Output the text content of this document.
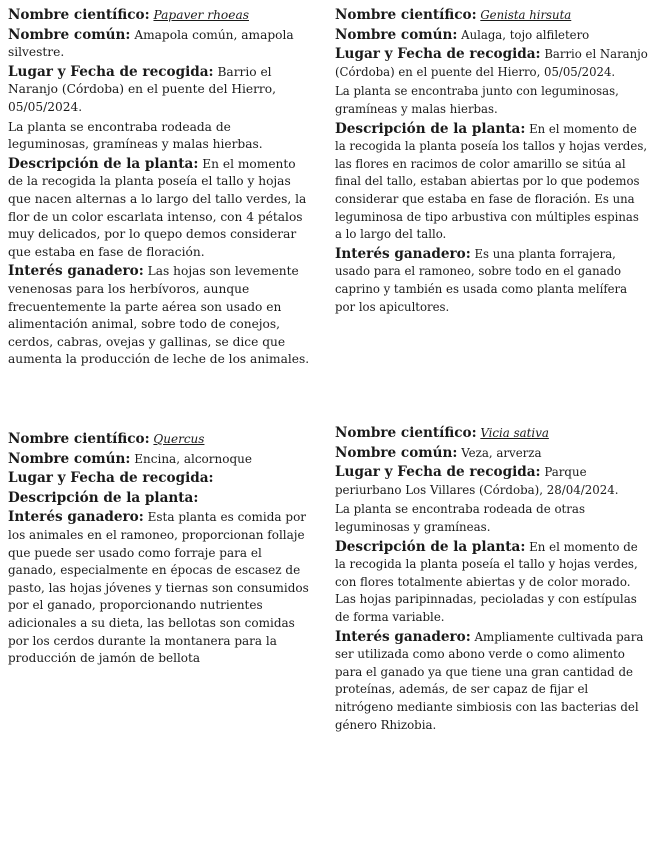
Nombre científico: Papaver rhoeas

Nombre común: Amapola común, amapola silvestre.

Lugar y Fecha de recogida: Barrio el Naranjo (Córdoba) en el puente del Hierro, 05/05/2024.

La planta se encontraba rodeada de leguminosas, gramíneas y malas hierbas.

Descripción de la planta: En el momento de la recogida la planta poseía el tallo y hojas que nacen alternas a lo largo del tallo verdes, la flor de un color escarlata intenso, con 4 pétalos muy delicados, por lo quepo demos considerar que estaba en fase de floración.

Interés ganadero: Las hojas son levemente venenosas para los herbívoros, aunque frecuentemente la parte aérea son usado en alimentación animal, sobre todo de conejos, cerdos, cabras, ovejas y gallinas, se dice que aumenta la producción de leche de los animales.

Nombre científico: Genista hirsuta

Nombre común: Aulaga, tojo alfiletero

Lugar y Fecha de recogida: Barrio el Naranjo (Córdoba) en el puente del Hierro, 05/05/2024.

La planta se encontraba junto con leguminosas, gramíneas y malas hierbas.

Descripción de la planta: En el momento de la recogida la planta poseía los tallos y hojas verdes, las flores en racimos de color amarillo se sitúa al final del tallo, estaban abiertas por lo que podemos considerar que estaba en fase de floración. Es una leguminosa de tipo arbustiva con múltiples espinas a lo largo del tallo.

Interés ganadero: Es una planta forrajera, usado para el ramoneo, sobre todo en el ganado caprino y también es usada como planta melífera por los apicultores.

Nombre científico: Quercus

Nombre común: Encina, alcornoque

Lugar y Fecha de recogida:

Descripción de la planta:

Interés ganadero: Esta planta es comida por los animales en el ramoneo, proporcionan follaje que puede ser usado como forraje para el ganado, especialmente en épocas de escasez de pasto, las hojas jóvenes y tiernas son consumidos por el ganado, proporcionando nutrientes adicionales a su dieta, las bellotas son comidas por los cerdos durante la montanera para la producción de jamón de bellota

Nombre científico: Vicia sativa

Nombre común: Veza, arverza

Lugar y Fecha de recogida: Parque periurbano Los Villares (Córdoba), 28/04/2024.

La planta se encontraba rodeada de otras leguminosas y gramíneas.

Descripción de la planta: En el momento de la recogida la planta poseía el tallo y hojas verdes, con flores totalmente abiertas y de color morado. Las hojas paripinnadas, pecioladas y con estípulas de forma variable.

Interés ganadero: Ampliamente cultivada para ser utilizada como abono verde o como alimento para el ganado ya que tiene una gran cantidad de proteínas, además, de ser capaz de fijar el nitrógeno mediante simbiosis con las bacterias del género Rhizobia.
